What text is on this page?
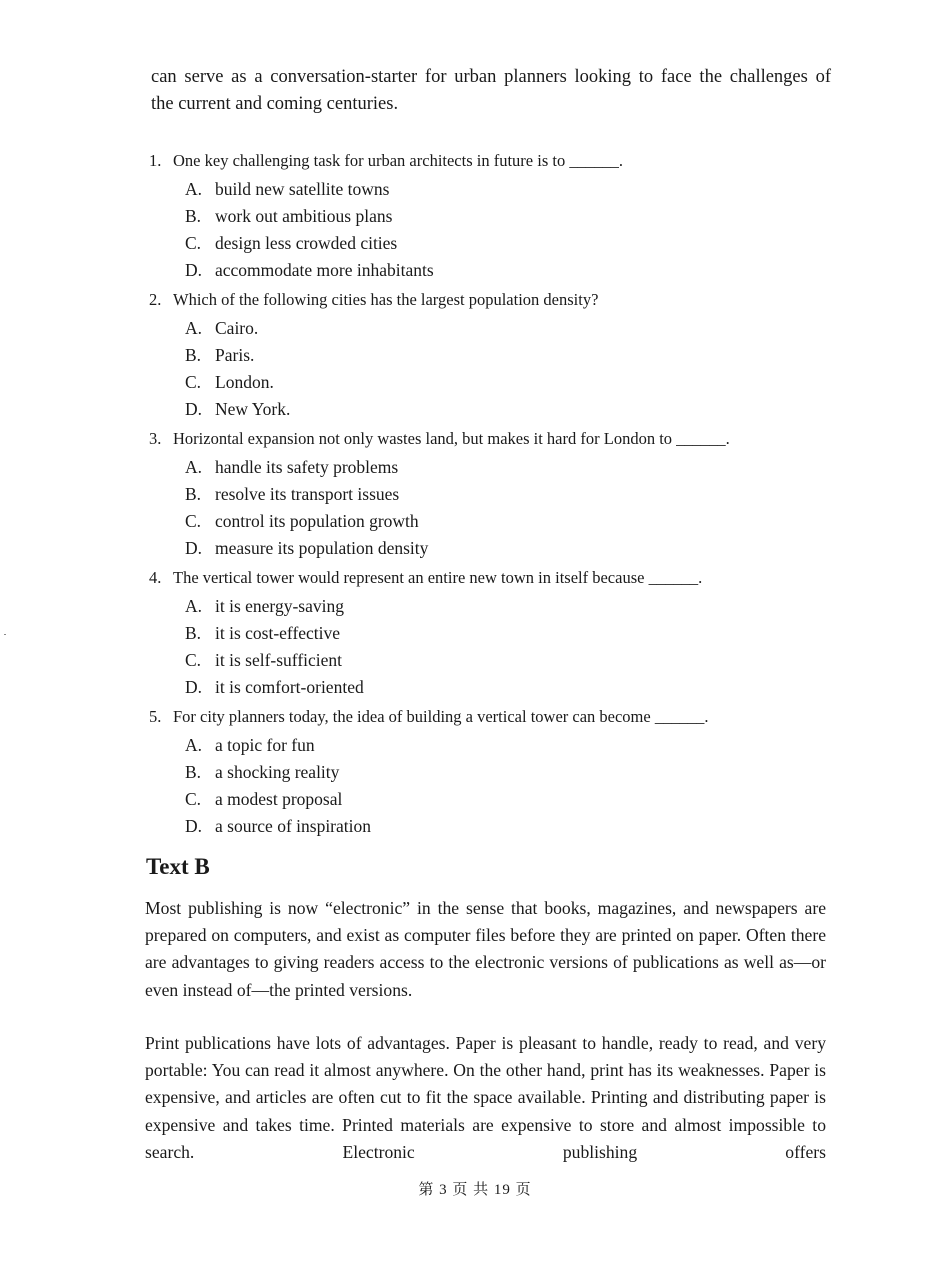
can serve as a conversation-starter for urban planners looking to face the challenges of

the current and coming centuries.

1. One key challenging task for urban architects in future is to ______.
A. build new satellite towns
B. work out ambitious plans
C. design less crowded cities
D. accommodate more inhabitants
2. Which of the following cities has the largest population density?
A. Cairo.
B. Paris.
C. London.
D. New York.
3. Horizontal expansion not only wastes land, but makes it hard for London to ______.
A. handle its safety problems
B. resolve its transport issues
C. control its population growth
D. measure its population density
4. The vertical tower would represent an entire new town in itself because ______.
A. it is energy-saving
B. it is cost-effective
C. it is self-sufficient
D. it is comfort-oriented
5. For city planners today, the idea of building a vertical tower can become ______.
A. a topic for fun
B. a shocking reality
C. a modest proposal
D. a source of inspiration
Text B

Most publishing is now “electronic” in the sense that books, magazines, and newspapers are prepared on computers, and exist as computer files before they are printed on paper. Often there are advantages to giving readers access to the electronic versions of publications as well as—or even instead of—the printed versions.

Print publications have lots of advantages. Paper is pleasant to handle, ready to read, and very portable: You can read it almost anywhere. On the other hand, print has its weaknesses. Paper is expensive, and articles are often cut to fit the space available. Printing and distributing paper is expensive and takes time. Printed materials are expensive to store and almost impossible to search. Electronic publishing offers

第 3 页 共 19 页
